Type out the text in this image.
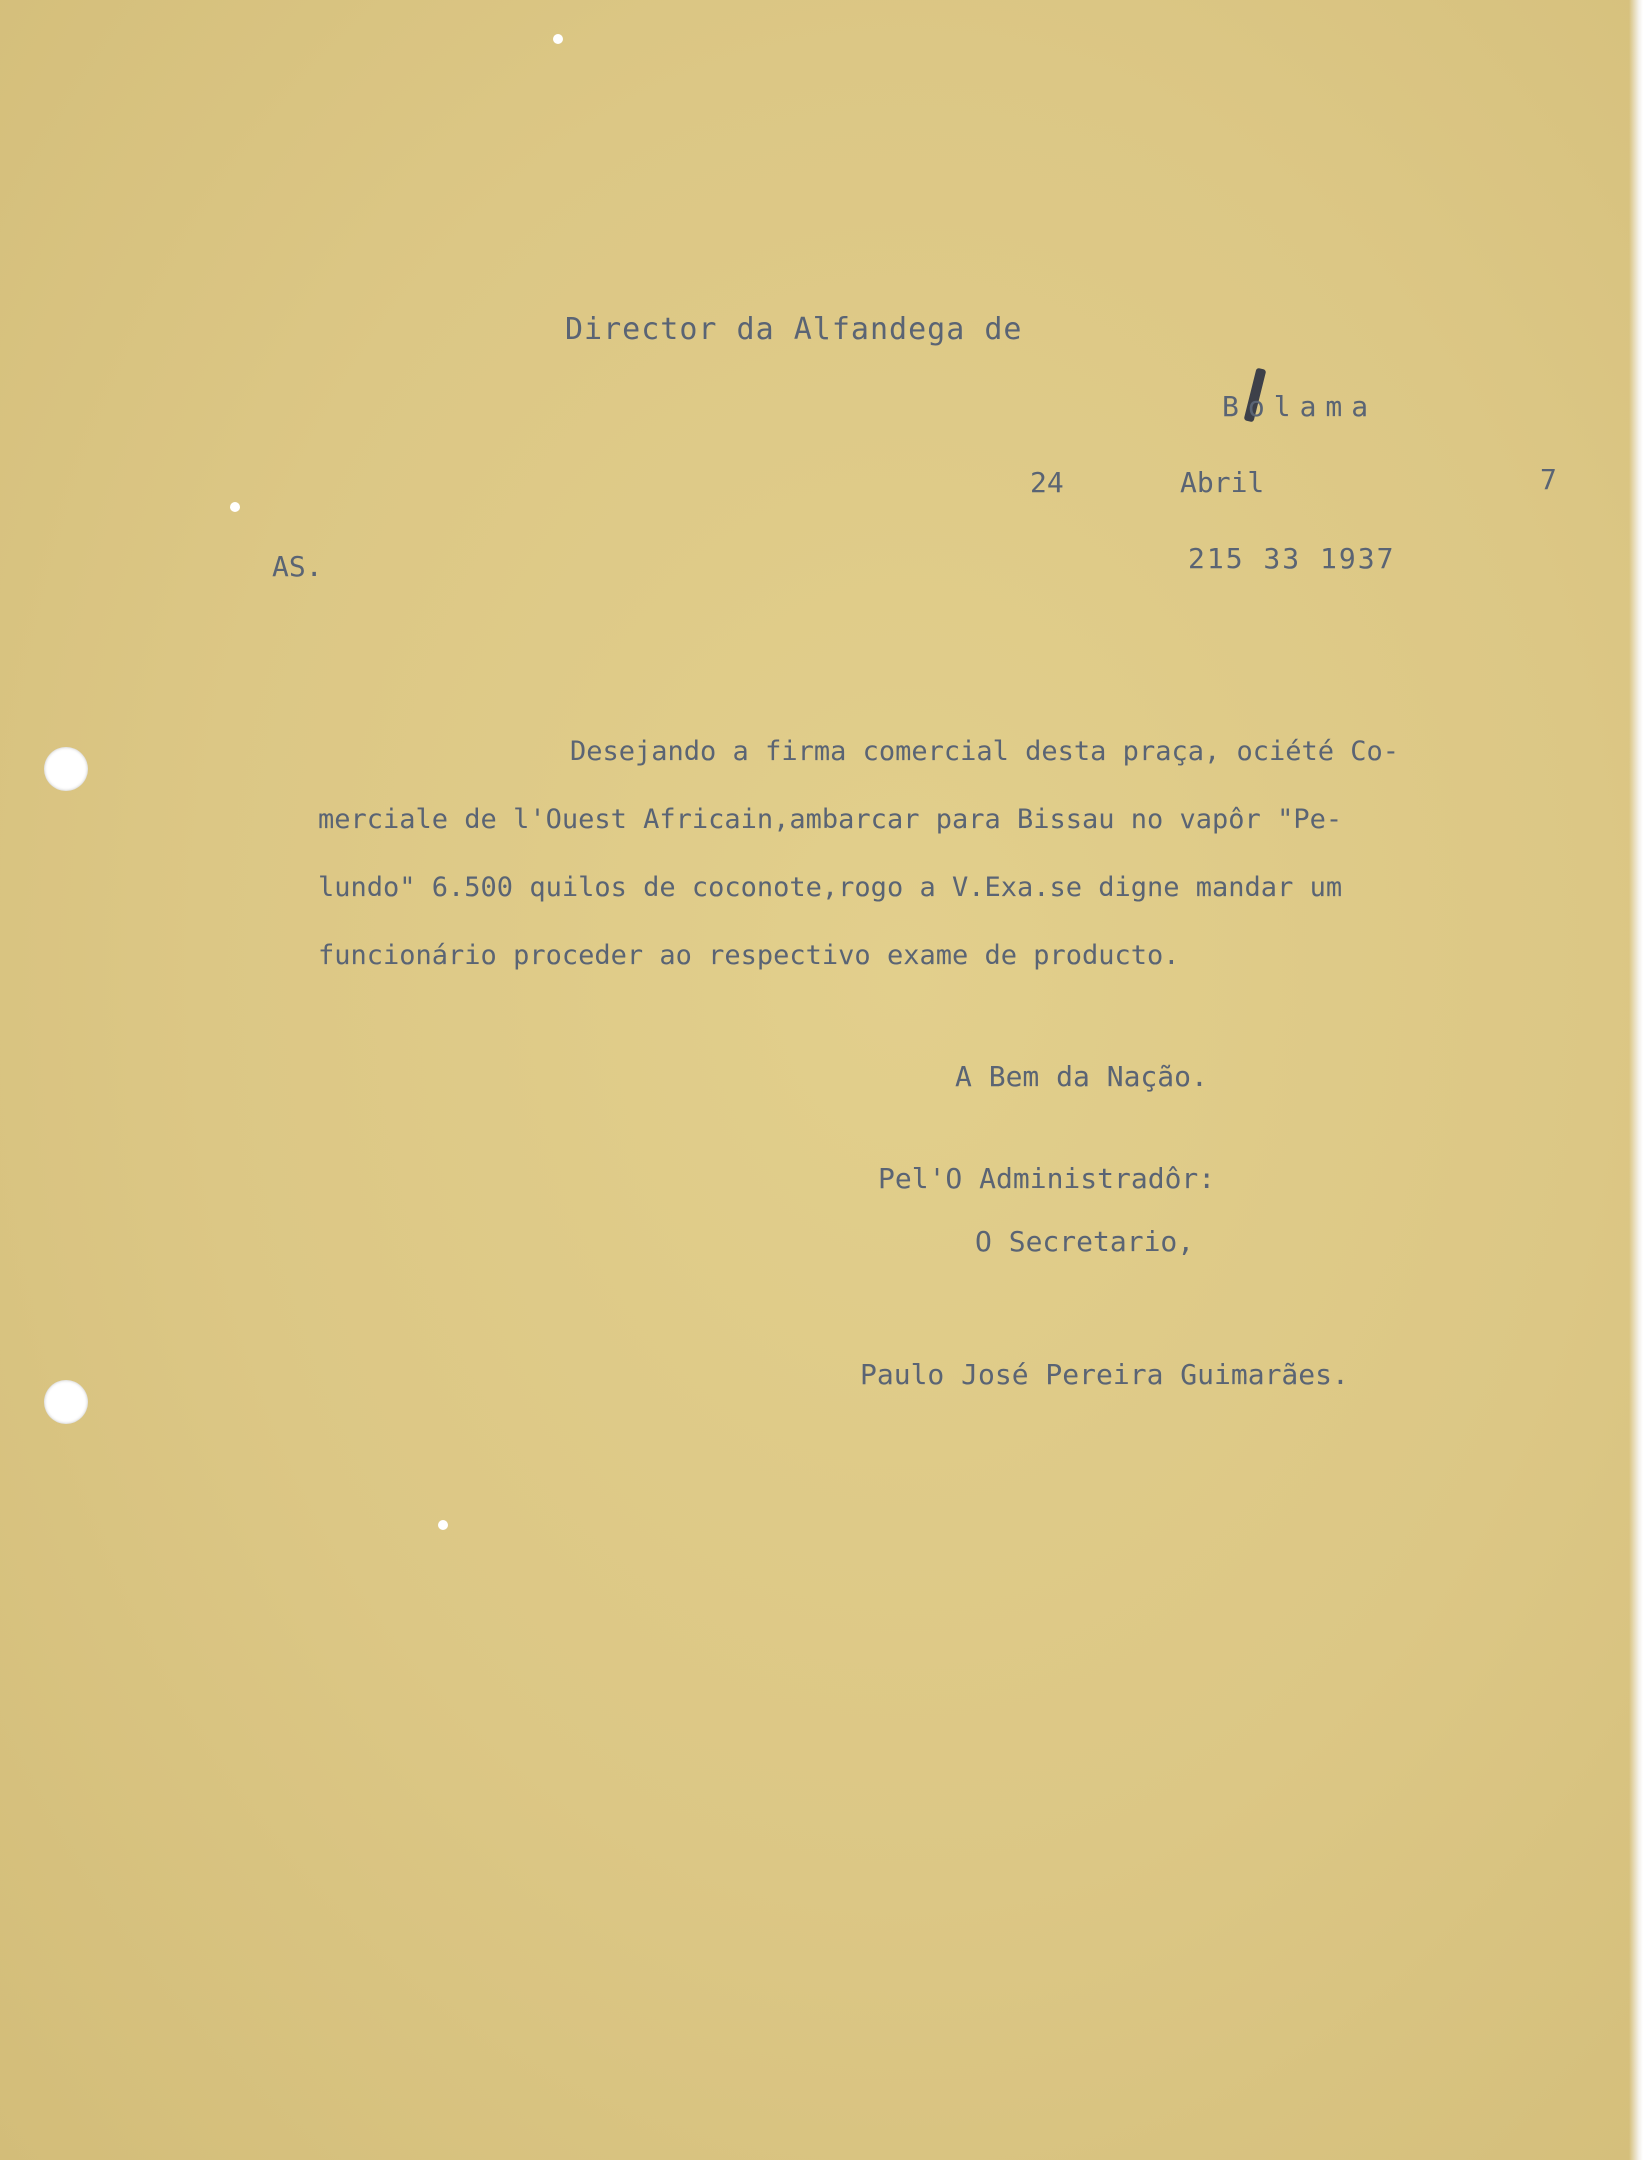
Director da Alfandega de

Bolama

24	Abril	7

AS.	215 33 1937

Desejando a firma comercial desta praça, ociété Co-
merciale de l'Ouest Africain,ambarcar para Bissau no vapôr "Pe-
lundo" 6.500 quilos de coconote,rogo a V.Exa.se digne mandar um
funcionário proceder ao respectivo exame de producto.

A Bem da Nação.

Pel'O Administradôr:

O Secretario,

Paulo José Pereira Guimarães.
